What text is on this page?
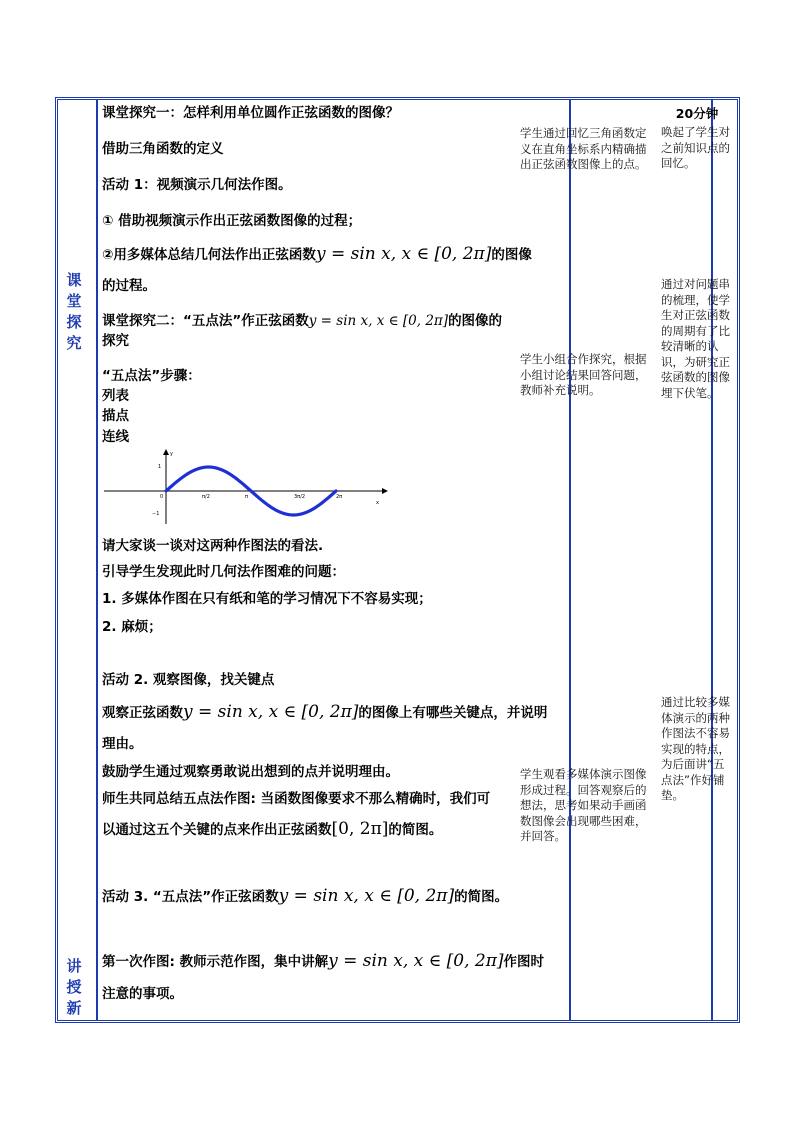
课
堂
探
究
讲
授
新

课堂探究一：怎样利用单位圆作正弦函数的图像？

借助三角函数的定义

活动 1：视频演示几何法作图。

① 借助视频演示作出正弦函数图像的过程；

②用多媒体总结几何法作出正弦函数y = sin x, x ∈ [0, 2π]的图像

的过程。

课堂探究二：“五点法”作正弦函数y = sin x, x ∈ [0, 2π]的图像的

探究

“五点法”步骤：

列表

描点

连线

y
x
1
−1
0	π/2	π	3π/2	2π

请大家谈一谈对这两种作图法的看法.

引导学生发现此时几何法作图难的问题：

1. 多媒体作图在只有纸和笔的学习情况下不容易实现；

2. 麻烦；

活动 2. 观察图像，找关键点

观察正弦函数y = sin x, x ∈ [0, 2π]的图像上有哪些关键点，并说明

理由。

鼓励学生通过观察勇敢说出想到的点并说明理由。

师生共同总结五点法作图: 当函数图像要求不那么精确时，我们可

以通过这五个关键的点来作出正弦函数[0, 2π]的简图。

活动 3. “五点法”作正弦函数y = sin x, x ∈ [0, 2π]的简图。

第一次作图: 教师示范作图，集中讲解y = sin x, x ∈ [0, 2π]作图时

注意的事项。

学生通过回忆三角函数定义在直角坐标系内精确描出正弦函数图像上的点。
学生小组合作探究，根据小组讨论结果回答问题，教师补充说明。
学生观看多媒体演示图像形成过程。回答观察后的想法，思考如果动手画函数图像会出现哪些困难，并回答。
20分钟
唤起了学生对之前知识点的回忆。
通过对问题串的梳理，使学生对正弦函数的周期有了比较清晰的认识，为研究正弦函数的图像埋下伏笔。
通过比较多媒体演示的两种作图法不容易实现的特点，为后面讲“五点法”作好铺垫。
